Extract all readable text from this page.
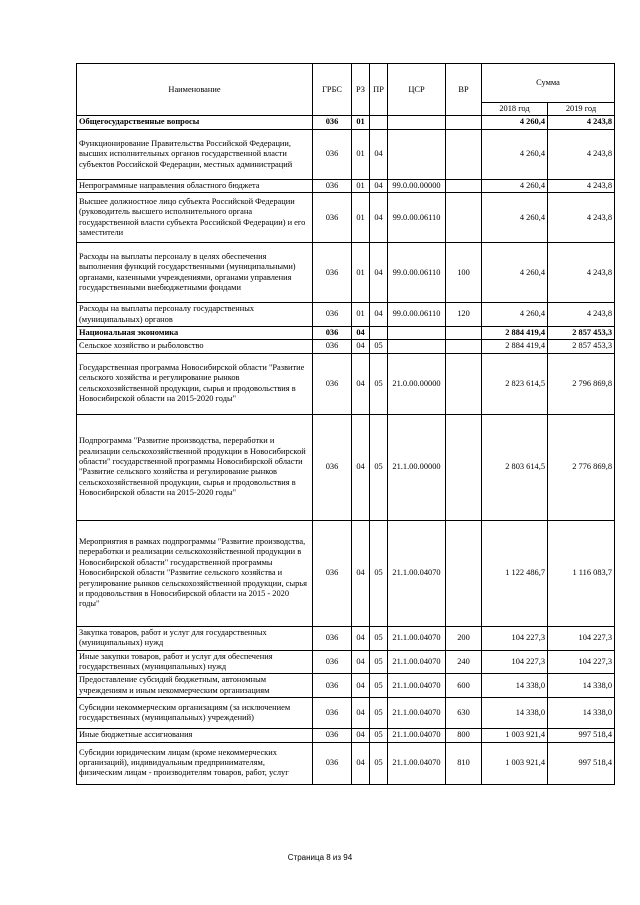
Наименование	ГРБС	РЗ	ПР	ЦСР	ВР	Сумма	
						2018 год	2019 год
Общегосударственные вопросы	036	01				4 260,4	4 243,8
Функционирование Правительства Российской Федерации, высших исполнительных органов государственной власти субъектов Российской Федерации, местных администраций	036	01	04			4 260,4	4 243,8
Непрограммные направления областного бюджета	036	01	04	99.0.00.00000		4 260,4	4 243,8
Высшее должностное лицо субъекта Российской Федерации (руководитель высшего исполнительного органа государственной власти субъекта Российской Федерации) и его заместители	036	01	04	99.0.00.06110		4 260,4	4 243,8
Расходы на выплаты персоналу в целях обеспечения выполнения функций государственными (муниципальными) органами, казенными учреждениями, органами управления государственными внебюджетными фондами	036	01	04	99.0.00.06110	100	4 260,4	4 243,8
Расходы на выплаты персоналу государственных (муниципальных) органов	036	01	04	99.0.00.06110	120	4 260,4	4 243,8
Национальная экономика	036	04				2 884 419,4	2 857 453,3
Сельское хозяйство и рыболовство	036	04	05			2 884 419,4	2 857 453,3
Государственная программа Новосибирской области "Развитие сельского хозяйства и регулирование рынков сельскохозяйственной продукции, сырья и продовольствия в Новосибирской области на 2015-2020 годы"	036	04	05	21.0.00.00000		2 823 614,5	2 796 869,8
Подпрограмма "Развитие производства, переработки и реализации сельскохозяйственной продукции в Новосибирской области" государственной программы Новосибирской области "Развитие сельского хозяйства и регулирование рынков сельскохозяйственной продукции, сырья и продовольствия в Новосибирской области на 2015-2020 годы"	036	04	05	21.1.00.00000		2 803 614,5	2 776 869,8
Мероприятия в рамках подпрограммы "Развитие производства, переработки и реализации сельскохозяйственной продукции в Новосибирской области" государственной программы Новосибирской области "Развитие сельского хозяйства и регулирование рынков сельскохозяйственной продукции, сырья и продовольствия в Новосибирской области на 2015 - 2020 годы"	036	04	05	21.1.00.04070		1 122 486,7	1 116 083,7
Закупка товаров, работ и услуг для государственных (муниципальных) нужд	036	04	05	21.1.00.04070	200	104 227,3	104 227,3
Иные закупки товаров, работ и услуг для обеспечения государственных (муниципальных) нужд	036	04	05	21.1.00.04070	240	104 227,3	104 227,3
Предоставление субсидий бюджетным, автономным учреждениям и иным некоммерческим организациям	036	04	05	21.1.00.04070	600	14 338,0	14 338,0
Субсидии некоммерческим организациям (за исключением государственных (муниципальных) учреждений)	036	04	05	21.1.00.04070	630	14 338,0	14 338,0
Иные бюджетные ассигнования	036	04	05	21.1.00.04070	800	1 003 921,4	997 518,4
Субсидии юридическим лицам (кроме некоммерческих организаций), индивидуальным предпринимателям, физическим лицам - производителям товаров, работ, услуг	036	04	05	21.1.00.04070	810	1 003 921,4	997 518,4
Страница 8 из 94
